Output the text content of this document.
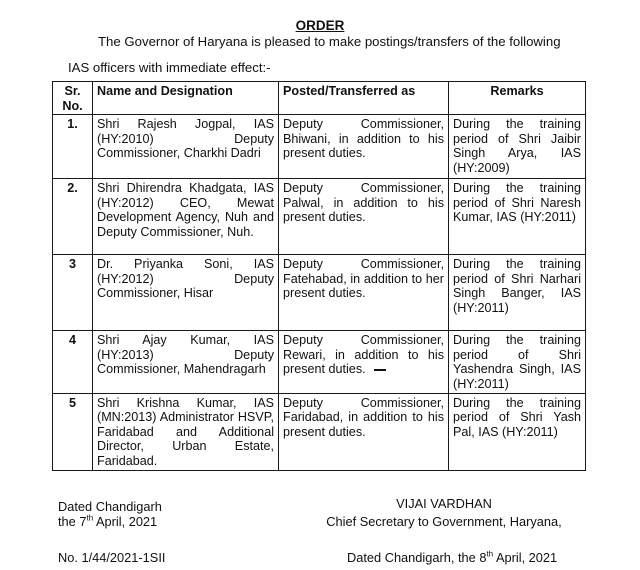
ORDER
The Governor of Haryana is pleased to make postings/transfers of the following
IAS officers with immediate effect:-
Sr. No.	Name and Designation	Posted/Transferred as	Remarks
1.	Shri Rajesh Jogpal, IAS (HY:2010) Deputy Commissioner, Charkhi Dadri	Deputy Commissioner, Bhiwani, in addition to his present duties.	During the training period of Shri Jaibir Singh Arya, IAS (HY:2009)
2.	Shri Dhirendra Khadgata, IAS (HY:2012) CEO, Mewat Development Agency, Nuh and Deputy Commissioner, Nuh.	Deputy Commissioner, Palwal, in addition to his present duties.	During the training period of Shri Naresh Kumar, IAS (HY:2011)
3	Dr. Priyanka Soni, IAS (HY:2012) Deputy Commissioner, Hisar	Deputy Commissioner, Fatehabad, in addition to her present duties.	During the training period of Shri Narhari Singh Banger, IAS (HY:2011)
4	Shri Ajay Kumar, IAS (HY:2013) Deputy Commissioner, Mahendragarh	Deputy Commissioner, Rewari, in addition to his present duties.	During the training period of Shri Yashendra Singh, IAS (HY:2011)
5	Shri Krishna Kumar, IAS (MN:2013) Administrator HSVP, Faridabad and Additional Director, Urban Estate, Faridabad.	Deputy Commissioner, Faridabad, in addition to his present duties.	During the training period of Shri Yash Pal, IAS (HY:2011)
Dated Chandigarh
the 7th April, 2021
VIJAI VARDHAN
Chief Secretary to Government, Haryana,
No. 1/44/2021-1SII	Dated Chandigarh, the 8th April, 2021
